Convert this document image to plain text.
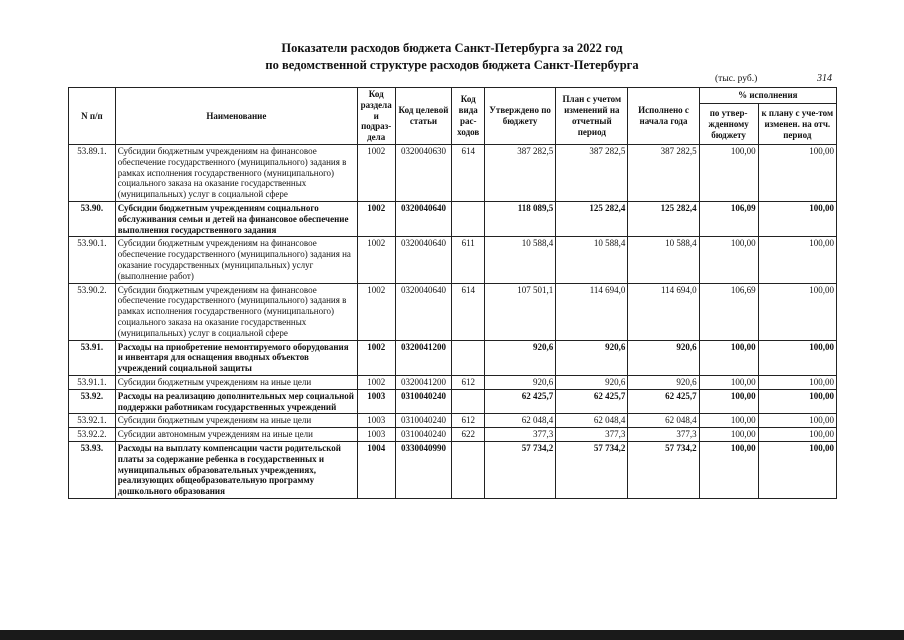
Показатели расходов бюджета Санкт-Петербурга за 2022 год
по ведомственной структуре расходов бюджета Санкт-Петербурга
(тыс. руб.)	314
N п/п	Наименование	Код раздела и подраз-дела	Код целевой статьи	Код вида рас-ходов	Утверждено по бюджету	План с учетом изменений на отчетный период	Исполнено с начала года	% исполнения	
								по утвер-жденному бюджету	к плану с уче-том изменен. на отч. период
53.89.1.	Субсидии бюджетным учреждениям на финансовое обеспечение государственного (муниципального) задания в рамках исполнения государственного (муниципального) социального заказа на оказание государственных (муниципальных) услуг в социальной сфере	1002	0320040630	614	387 282,5	387 282,5	387 282,5	100,00	100,00
53.90.	Субсидии бюджетным учреждениям социального обслуживания семьи и детей на финансовое обеспечение выполнения государственного задания	1002	0320040640		118 089,5	125 282,4	125 282,4	106,09	100,00
53.90.1.	Субсидии бюджетным учреждениям на финансовое обеспечение государственного (муниципального) задания на оказание государственных (муниципальных) услуг (выполнение работ)	1002	0320040640	611	10 588,4	10 588,4	10 588,4	100,00	100,00
53.90.2.	Субсидии бюджетным учреждениям на финансовое обеспечение государственного (муниципального) задания в рамках исполнения государственного (муниципального) социального заказа на оказание государственных (муниципальных) услуг в социальной сфере	1002	0320040640	614	107 501,1	114 694,0	114 694,0	106,69	100,00
53.91.	Расходы на приобретение немонтируемого оборудования и инвентаря для оснащения вводных объектов учреждений социальной защиты	1002	0320041200		920,6	920,6	920,6	100,00	100,00
53.91.1.	Субсидии бюджетным учреждениям на иные цели	1002	0320041200	612	920,6	920,6	920,6	100,00	100,00
53.92.	Расходы на реализацию дополнительных мер социальной поддержки работникам государственных учреждений	1003	0310040240		62 425,7	62 425,7	62 425,7	100,00	100,00
53.92.1.	Субсидии бюджетным учреждениям на иные цели	1003	0310040240	612	62 048,4	62 048,4	62 048,4	100,00	100,00
53.92.2.	Субсидии автономным учреждениям на иные цели	1003	0310040240	622	377,3	377,3	377,3	100,00	100,00
53.93.	Расходы на выплату компенсации части родительской платы за содержание ребенка в государственных и муниципальных образовательных учреждениях, реализующих общеобразовательную программу дошкольного образования	1004	0330040990		57 734,2	57 734,2	57 734,2	100,00	100,00
